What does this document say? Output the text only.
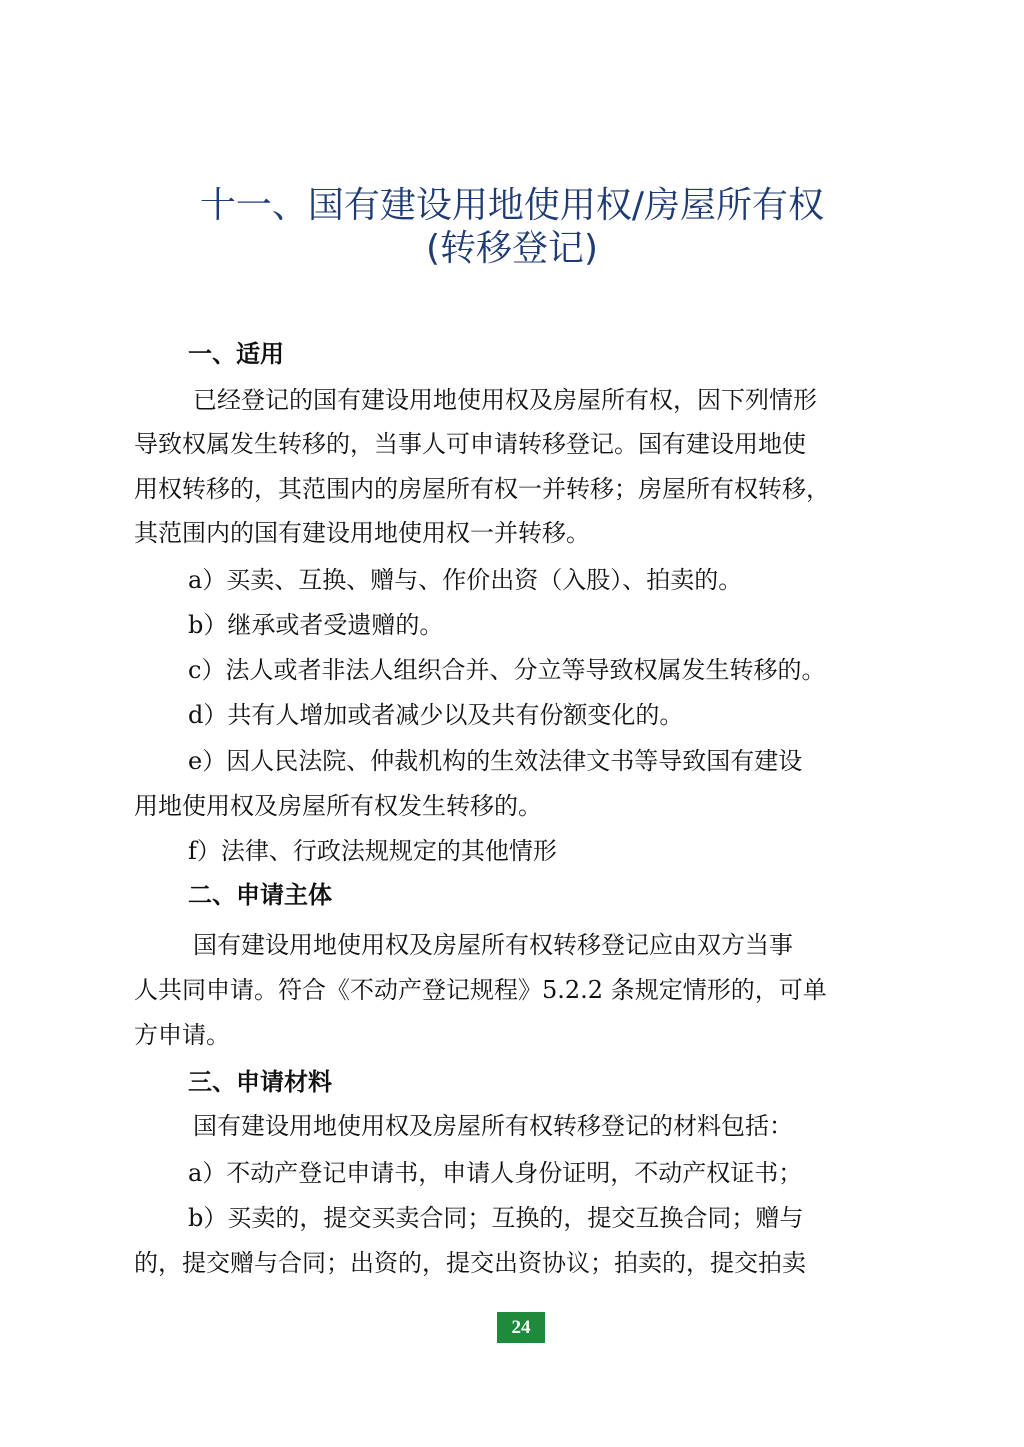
十一、国有建设用地使用权/房屋所有权
(转移登记)
一、适用
已经登记的国有建设用地使用权及房屋所有权，因下列情形
导致权属发生转移的，当事人可申请转移登记。国有建设用地使
用权转移的，其范围内的房屋所有权一并转移；房屋所有权转移，
其范围内的国有建设用地使用权一并转移。
a）买卖、互换、赠与、作价出资（入股）、拍卖的。
b）继承或者受遗赠的。
c）法人或者非法人组织合并、分立等导致权属发生转移的。
d）共有人增加或者减少以及共有份额变化的。
e）因人民法院、仲裁机构的生效法律文书等导致国有建设
用地使用权及房屋所有权发生转移的。
f）法律、行政法规规定的其他情形
二、申请主体
国有建设用地使用权及房屋所有权转移登记应由双方当事
人共同申请。符合《不动产登记规程》5.2.2 条规定情形的，可单
方申请。
三、申请材料
国有建设用地使用权及房屋所有权转移登记的材料包括：
a）不动产登记申请书，申请人身份证明，不动产权证书；
b）买卖的，提交买卖合同；互换的，提交互换合同；赠与
的，提交赠与合同；出资的，提交出资协议；拍卖的，提交拍卖
24
